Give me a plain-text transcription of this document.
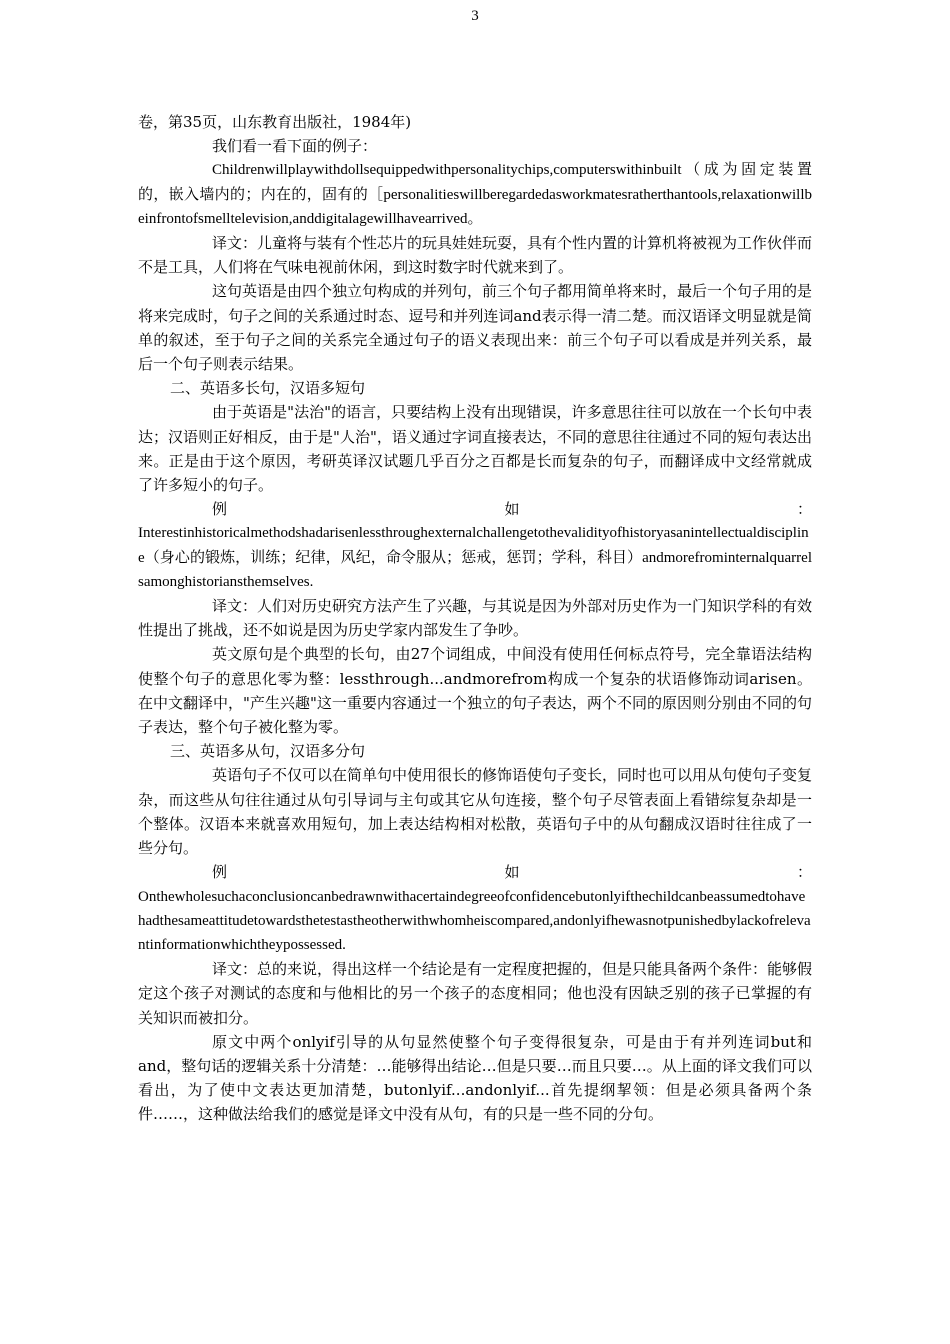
3

卷，第35页，山东教育出版社，1984年)

我们看一看下面的例子：

Childrenwillplaywithdollsequippedwithpersonalitychips,computerswithinbuilt（成为固定装置的，嵌入墙内的；内在的，固有的［personalitieswillberegardedasworkmatesratherthantools,relaxationwillbeinfrontofsmelltelevision,anddigitalagewillhavearrived。

译文：儿童将与装有个性芯片的玩具娃娃玩耍，具有个性内置的计算机将被视为工作伙伴而不是工具，人们将在气味电视前休闲，到这时数字时代就来到了。

这句英语是由四个独立句构成的并列句，前三个句子都用简单将来时，最后一个句子用的是将来完成时，句子之间的关系通过时态、逗号和并列连词and表示得一清二楚。而汉语译文明显就是简单的叙述，至于句子之间的关系完全通过句子的语义表现出来：前三个句子可以看成是并列关系，最后一个句子则表示结果。

二、英语多长句，汉语多短句

由于英语是"法治"的语言，只要结构上没有出现错误，许多意思往往可以放在一个长句中表达；汉语则正好相反，由于是"人治"，语义通过字词直接表达，不同的意思往往通过不同的短句表达出来。正是由于这个原因，考研英译汉试题几乎百分之百都是长而复杂的句子，而翻译成中文经常就成了许多短小的句子。

例	如	：

Interestinhistoricalmethodshadarisenlessthroughexternalchallengetothevalidityofhistoryasanintellectualdiscipline（身心的锻炼，训练；纪律，风纪，命令服从；惩戒，惩罚；学科，科目）andmorefrominternalquarrelsamonghistoriansthemselves.

译文：人们对历史研究方法产生了兴趣，与其说是因为外部对历史作为一门知识学科的有效性提出了挑战，还不如说是因为历史学家内部发生了争吵。

英文原句是个典型的长句，由27个词组成，中间没有使用任何标点符号，完全靠语法结构使整个句子的意思化零为整：lessthrough...andmorefrom构成一个复杂的状语修饰动词arisen。在中文翻译中，"产生兴趣"这一重要内容通过一个独立的句子表达，两个不同的原因则分别由不同的句子表达，整个句子被化整为零。

三、英语多从句，汉语多分句

英语句子不仅可以在简单句中使用很长的修饰语使句子变长，同时也可以用从句使句子变复杂，而这些从句往往通过从句引导词与主句或其它从句连接，整个句子尽管表面上看错综复杂却是一个整体。汉语本来就喜欢用短句，加上表达结构相对松散，英语句子中的从句翻成汉语时往往成了一些分句。

例	如	：

Onthewholesuchaconclusioncanbedrawnwithacertaindegreeofconfidencebutonlyifthechildcanbeassumedtohavehadthesameattitudetowardsthetestastheotherwithwhomheiscompared,andonlyifhewasnotpunishedbylackofrelevantinformationwhichtheypossessed.

译文：总的来说，得出这样一个结论是有一定程度把握的，但是只能具备两个条件：能够假定这个孩子对测试的态度和与他相比的另一个孩子的态度相同；他也没有因缺乏别的孩子已掌握的有关知识而被扣分。

原文中两个onlyif引导的从句显然使整个句子变得很复杂，可是由于有并列连词but和and，整句话的逻辑关系十分清楚：…能够得出结论…但是只要…而且只要…。从上面的译文我们可以看出，为了使中文表达更加清楚，butonlyif...andonlyif...首先提纲挈领：但是必须具备两个条件……，这种做法给我们的感觉是译文中没有从句，有的只是一些不同的分句。
